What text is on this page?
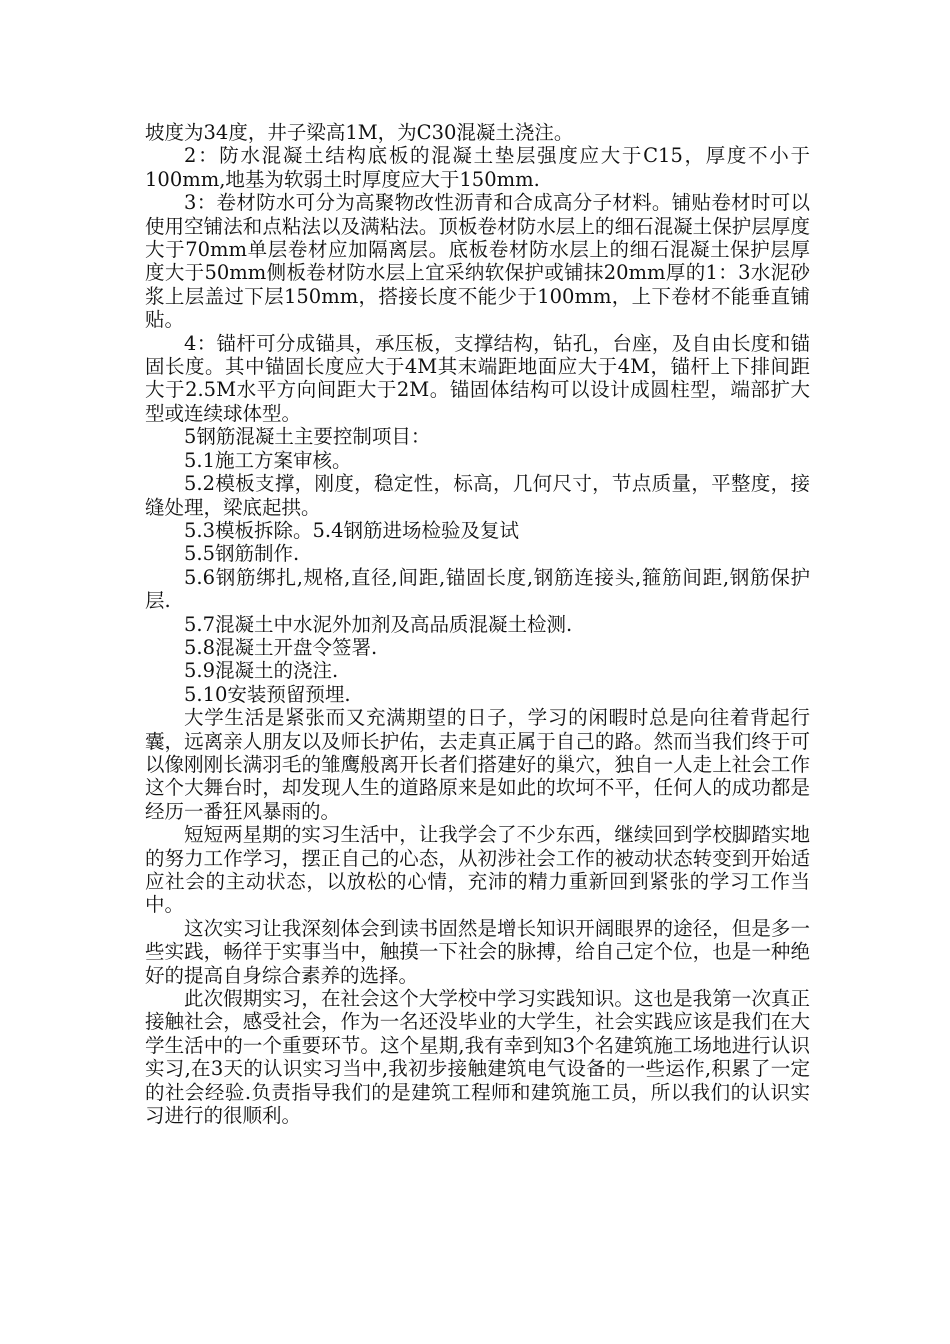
坡度为34度，井子梁高1M，为C30混凝土浇注。

2：防水混凝土结构底板的混凝土垫层强度应大于C15，厚度不小于100mm,地基为软弱土时厚度应大于150mm.

3：卷材防水可分为高聚物改性沥青和合成高分子材料。铺贴卷材时可以使用空铺法和点粘法以及满粘法。顶板卷材防水层上的细石混凝土保护层厚度大于70mm单层卷材应加隔离层。底板卷材防水层上的细石混凝土保护层厚度大于50mm侧板卷材防水层上宜采纳软保护或铺抹20mm厚的1：3水泥砂浆上层盖过下层150mm，搭接长度不能少于100mm，上下卷材不能垂直铺贴。

4：锚杆可分成锚具，承压板，支撑结构，钻孔，台座，及自由长度和锚固长度。其中锚固长度应大于4M其末端距地面应大于4M，锚杆上下排间距大于2.5M水平方向间距大于2M。锚固体结构可以设计成圆柱型，端部扩大型或连续球体型。

5钢筋混凝土主要控制项目：

5.1施工方案审核。

5.2模板支撑，刚度，稳定性，标高，几何尺寸，节点质量，平整度，接缝处理，梁底起拱。

5.3模板拆除。5.4钢筋进场检验及复试

5.5钢筋制作.

5.6钢筋绑扎,规格,直径,间距,锚固长度,钢筋连接头,箍筋间距,钢筋保护层.

5.7混凝土中水泥外加剂及高品质混凝土检测.

5.8混凝土开盘令签署.

5.9混凝土的浇注.

5.10安装预留预埋.

大学生活是紧张而又充满期望的日子，学习的闲暇时总是向往着背起行囊，远离亲人朋友以及师长护佑，去走真正属于自己的路。然而当我们终于可以像刚刚长满羽毛的雏鹰般离开长者们搭建好的巢穴，独自一人走上社会工作这个大舞台时，却发现人生的道路原来是如此的坎坷不平，任何人的成功都是经历一番狂风暴雨的。

短短两星期的实习生活中，让我学会了不少东西，继续回到学校脚踏实地的努力工作学习，摆正自己的心态，从初涉社会工作的被动状态转变到开始适应社会的主动状态，以放松的心情，充沛的精力重新回到紧张的学习工作当中。

这次实习让我深刻体会到读书固然是增长知识开阔眼界的途径，但是多一些实践，畅徉于实事当中，触摸一下社会的脉搏，给自己定个位，也是一种绝好的提高自身综合素养的选择。

此次假期实习，在社会这个大学校中学习实践知识。这也是我第一次真正接触社会，感受社会，作为一名还没毕业的大学生，社会实践应该是我们在大学生活中的一个重要环节。这个星期,我有幸到知3个名建筑施工场地进行认识实习,在3天的认识实习当中,我初步接触建筑电气设备的一些运作,积累了一定的社会经验.负责指导我们的是建筑工程师和建筑施工员，所以我们的认识实习进行的很顺利。
